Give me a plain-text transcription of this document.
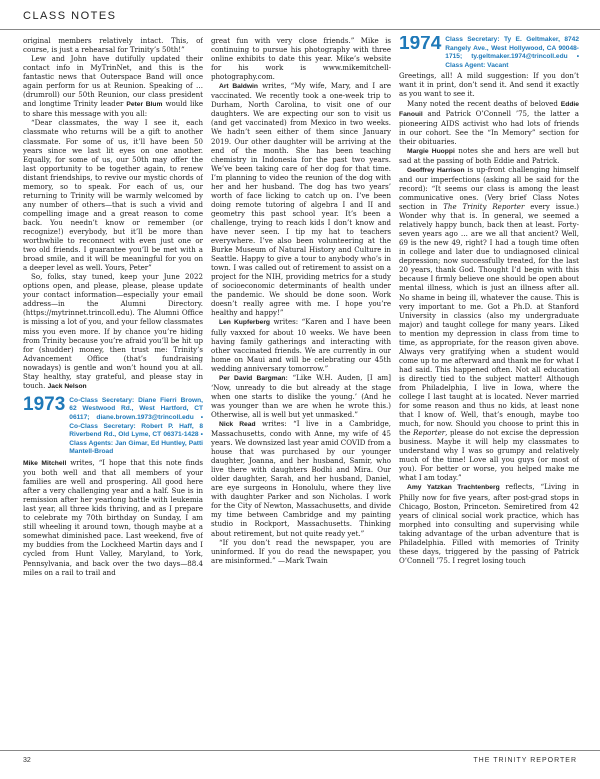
CLASS NOTES

original members relatively intact. This, of course, is just a rehearsal for Trinity’s 50th!”

Lew and John have dutifully updated their contact info in MyTrinNet, and this is the fantastic news that Outerspace Band will once again perform for us at Reunion. Speaking of … (drumroll) our 50th Reunion, our class president and longtime Trinity leader Peter Blum would like to share this message with you all:

“Dear classmates, the way I see it, each classmate who returns will be a gift to another classmate. For some of us, it’ll have been 50 years since we last lit eyes on one another. Equally, for some of us, our 50th may offer the last opportunity to be together again, to renew distant friendships, to revive our mystic chords of memory, so to speak. For each of us, our returning to Trinity will be warmly welcomed by any number of others—that is such a vivid and compelling image and a great reason to come back. You needn’t know or remember (or recognize!) everybody, but it’ll be more than worthwhile to reconnect with even just one or two old friends. I guarantee you’ll be met with a broad smile, and it will be meaningful for you on a deeper level as well. Yours, Peter”

So, folks, stay tuned, keep your June 2022 options open, and please, please, please update your contact information—especially your email address—in the Alumni Directory. (https://mytrinnet.trincoll.edu). The Alumni Office is missing a lot of you, and your fellow classmates miss you even more. If by chance you’re hiding from Trinity because you’re afraid you’ll be hit up for (shudder) money, then trust me: Trinity’s Advancement Office (that’s fundraising nowadays) is gentle and won’t hound you at all. Stay healthy, stay grateful, and please stay in touch. Jack Nelson

1973 Co-Class Secretary: Diane Fierri Brown, 62 Westwood Rd., West Hartford, CT 06117; diane.brown.1973@trincoll.edu • Co-Class Secretary: Robert P. Haff, 8 Riverbend Rd., Old Lyme, CT 06371-1428 • Class Agents: Jan Gimar, Ed Huntley, Patti Mantell-Broad

Mike Mitchell writes, “I hope that this note finds you both well and that all members of your families are well and prospering. All good here after a very challenging year and a half. Sue is in remission after her yearlong battle with leukemia last year, all three kids thriving, and as I prepare to celebrate my 70th birthday on Sunday, I am still wheeling it around town, though maybe at a somewhat diminished pace. Last weekend, five of my buddies from the Lockheed Martin days and I cycled from Hunt Valley, Maryland, to York, Pennsylvania, and back over the two days—88.4 miles on a rail to trail and

great fun with very close friends.” Mike is continuing to pursue his photography with three online exhibits to date this year. Mike’s website for his work is www.mikemitchell-photography.com.

Art Baldwin writes, “My wife, Mary, and I are vaccinated. We recently took a one-week trip to Durham, North Carolina, to visit one of our daughters. We are expecting our son to visit us (and get vaccinated) from Mexico in two weeks. We hadn’t seen either of them since January 2019. Our other daughter will be arriving at the end of the month. She has been teaching chemistry in Indonesia for the past two years. We’ve been taking care of her dog for that time. I’m planning to video the reunion of the dog with her and her husband. The dog has two years’ worth of face licking to catch up on. I’ve been doing remote tutoring of algebra I and II and geometry this past school year. It’s been a challenge, trying to reach kids I don’t know and have never seen. I tip my hat to teachers everywhere. I’ve also been volunteering at the Burke Museum of Natural History and Culture in Seattle. Happy to give a tour to anybody who’s in town. I was called out of retirement to assist on a project for the NIH, providing metrics for a study of socioeconomic determinants of health under the pandemic. We should be done soon. Work doesn’t really agree with me. I hope you’re healthy and happy!”

Len Kupferberg writes: “Karen and I have been fully vaxxed for about 10 weeks. We have been having family gatherings and interacting with other vaccinated friends. We are currently in our home on Maui and will be celebrating our 45th wedding anniversary tomorrow.”

Per David Bargman: “Like W.H. Auden, [I am] ‘Now, unready to die but already at the stage when one starts to dislike the young.’ (And he was younger than we are when he wrote this.) Otherwise, all is well but yet unmasked.”

Nick Read writes: “I live in a Cambridge, Massachusetts, condo with Anne, my wife of 45 years. We downsized last year amid COVID from a house that was purchased by our younger daughter, Joanna, and her husband, Samir, who live there with daughters Bodhi and Mira. Our older daughter, Sarah, and her husband, Daniel, are eye surgeons in Honolulu, where they live with daughter Parker and son Nicholas. I work for the City of Newton, Massachusetts, and divide my time between Cambridge and my painting studio in Rockport, Massachusetts. Thinking about retirement, but not quite ready yet.”

“If you don’t read the newspaper, you are uninformed. If you do read the newspaper, you are misinformed.” —Mark Twain

1974 Class Secretary: Ty E. Geltmaker, 8742 Rangely Ave., West Hollywood, CA 90048-1715; ty.geltmaker.1974@trincoll.edu • Class Agent: Vacant

Greetings, all! A mild suggestion: If you don’t want it in print, don’t send it. And send it exactly as you want to see it.

Many noted the recent deaths of beloved Eddie Fanouil and Patrick O’Connell ’75, the latter a pioneering AIDS activist who had lots of friends in our cohort. See the “In Memory” section for their obituaries.

Margie Huoppi notes she and hers are well but sad at the passing of both Eddie and Patrick.

Geoffrey Harrison is up-front challenging himself and our imperfections (asking all be said for the record): “It seems our class is among the least communicative ones. (Very brief Class Notes section in The Trinity Reporter every issue.) Wonder why that is. In general, we seemed a relatively happy bunch, back then at least. Forty-seven years ago … are we all that ancient? Well, 69 is the new 49, right? I had a tough time often in college and later due to undiagnosed clinical depression; now successfully treated, for the last 20 years, thank God. Thought I’d begin with this because I firmly believe one should be open about mental illness, which is just an illness after all. No shame in being ill, whatever the cause. This is very important to me. Got a Ph.D. at Stanford University in classics (also my undergraduate major) and taught college for many years. Liked to mention my depression in class from time to time, as appropriate, for the reason given above. Always very gratifying when a student would come up to me afterward and thank me for what I had said. This happened often. Not all education is directly tied to the subject matter! Although from Philadelphia, I live in Iowa, where the college I last taught at is located. Never married for some reason and thus no kids, at least none that I know of. Well, that’s enough, maybe too much, for now. Should you choose to print this in the Reporter, please do not excise the depression business. Maybe it will help my classmates to understand why I was so grumpy and relatively much of the time! Love all you guys (or most of you). For better or worse, you helped make me what I am today.”

Amy Yatzkan Trachtenberg reflects, “Living in Philly now for five years, after post-grad stops in Chicago, Boston, Princeton. Semiretired from 42 years of clinical social work practice, which has morphed into consulting and supervising while taking advantage of the urban adventure that is Philadelphia. Filled with memories of Trinity these days, triggered by the passing of Patrick O’Connell ’75. I regret losing touch

32	THE TRINITY REPORTER
